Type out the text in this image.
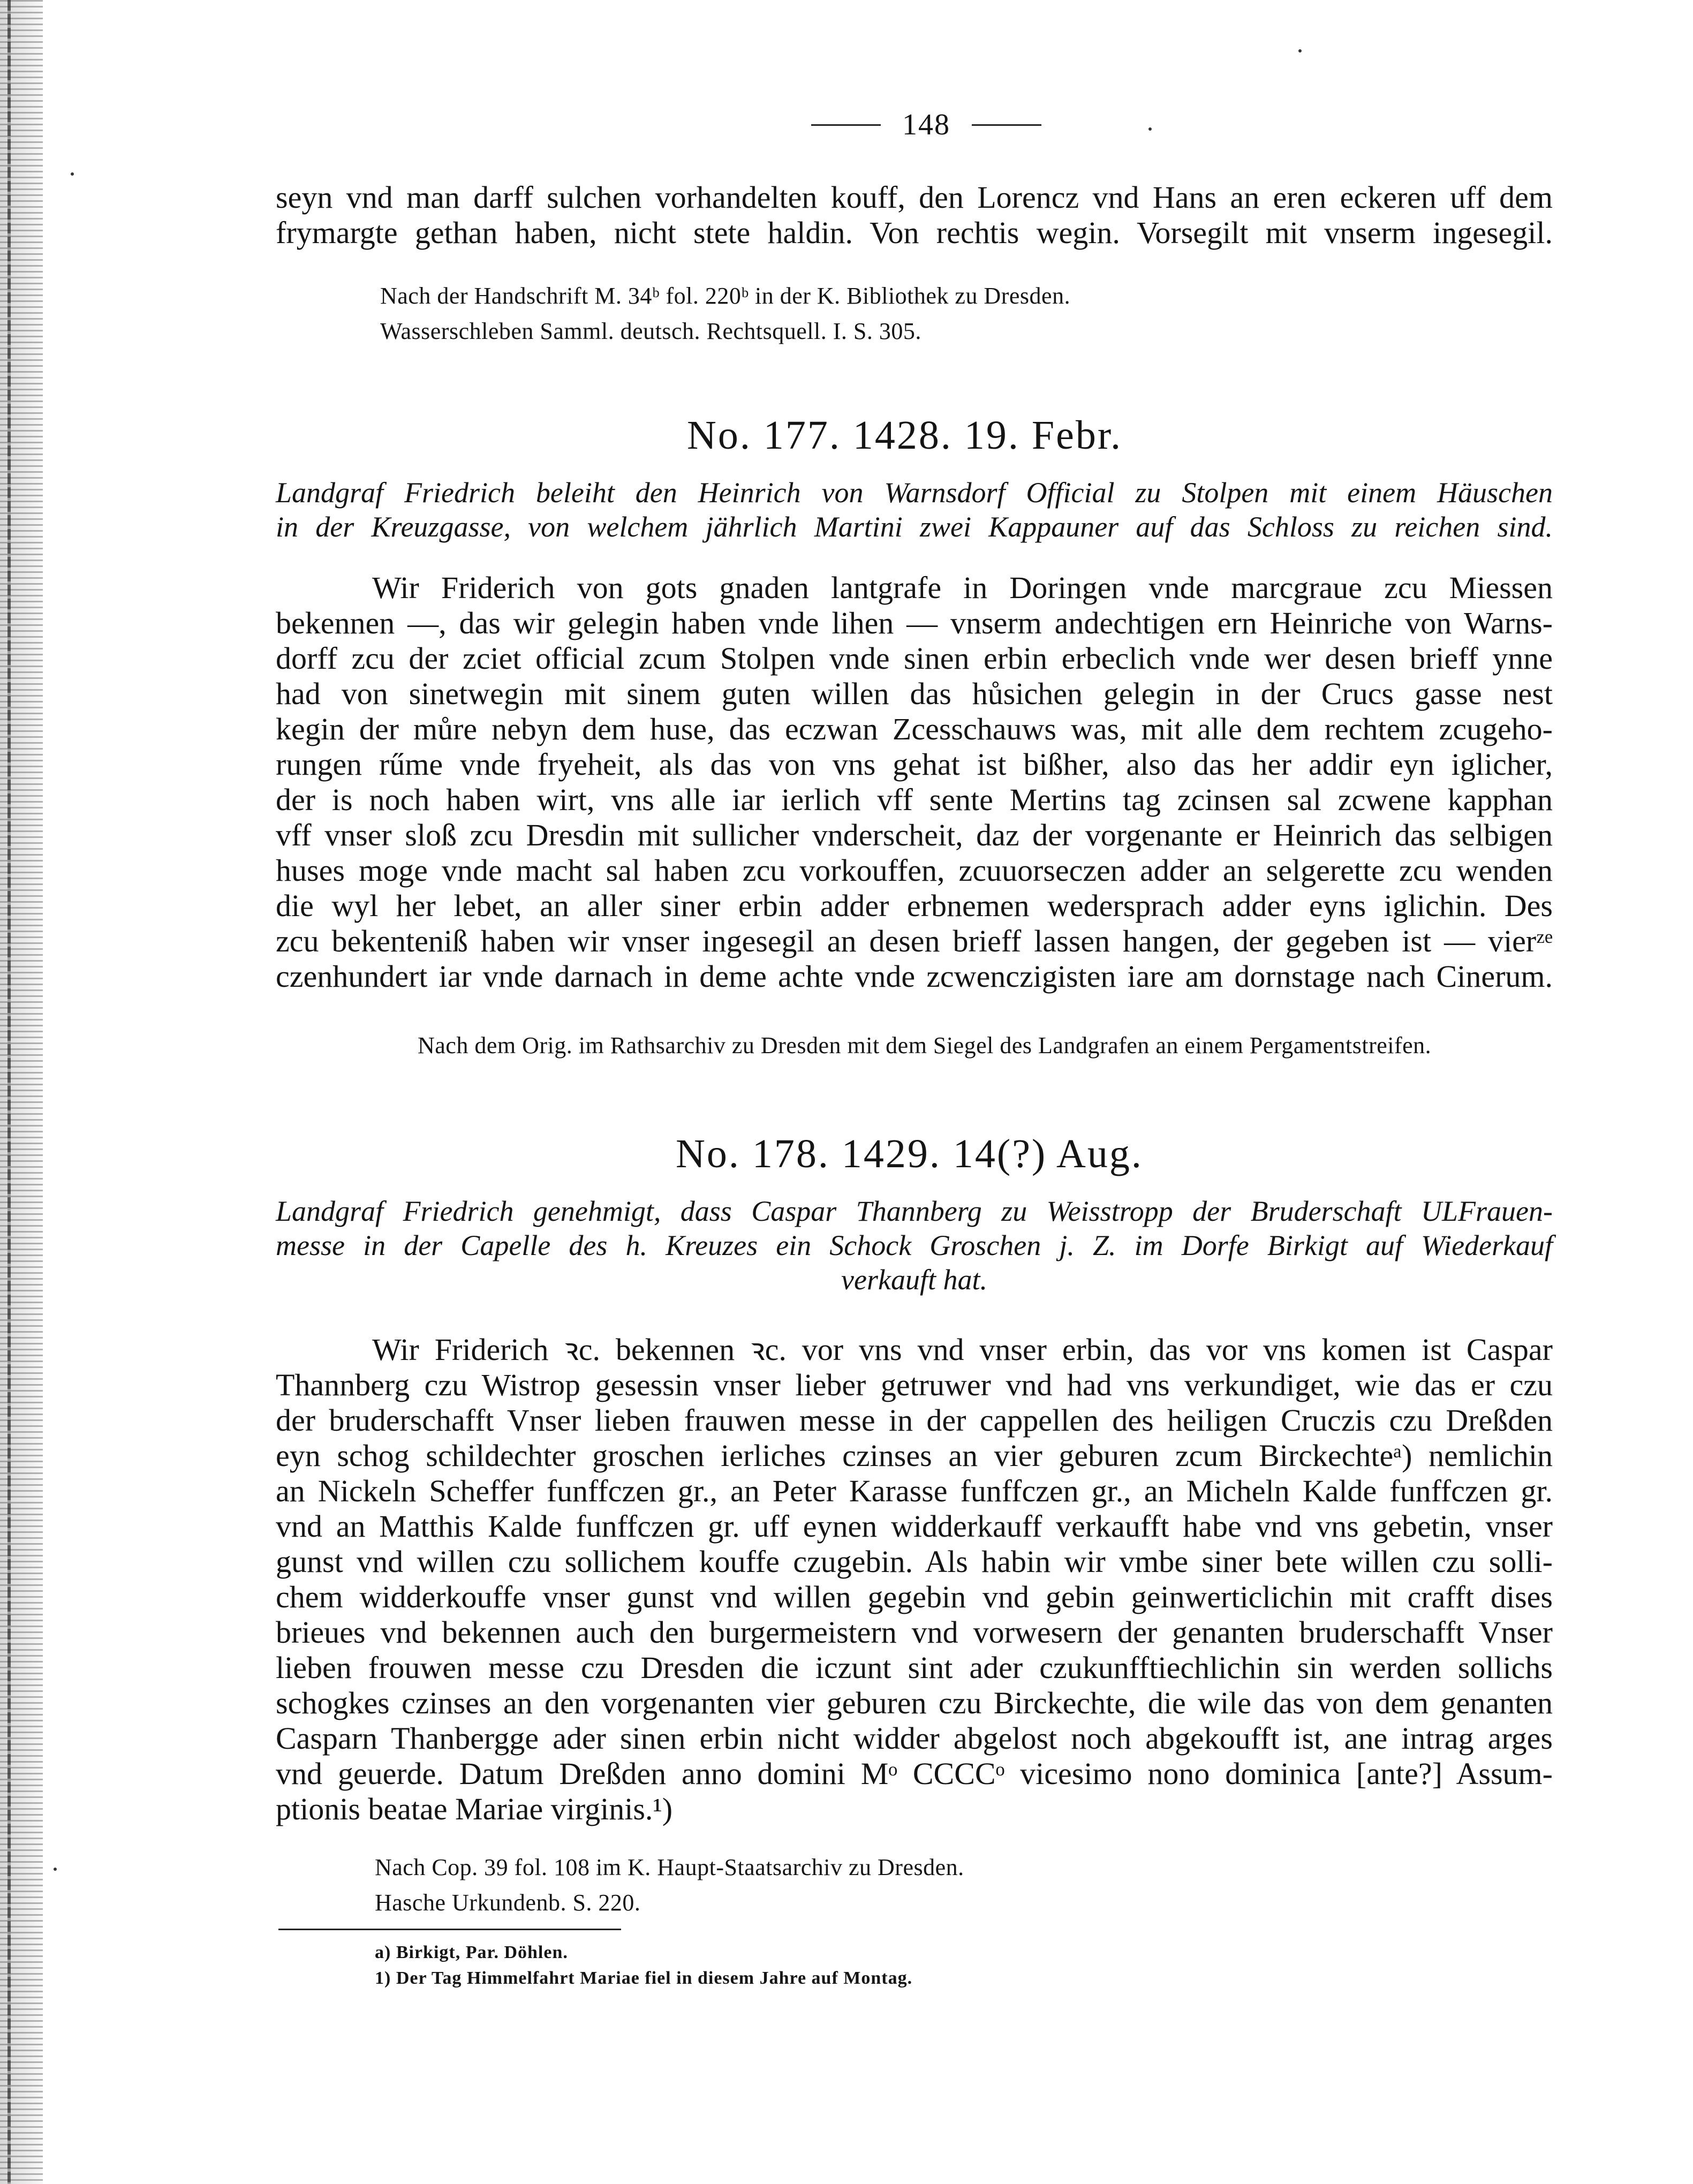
148
seyn vnd man darff sulchen vorhandelten kouff, den Lorencz vnd Hans an eren eckeren uff dem
frymargte gethan haben, nicht stete haldin. Von rechtis wegin. Vorsegilt mit vnserm ingesegil.
Nach der Handschrift M. 34ᵇ fol. 220ᵇ in der K. Bibliothek zu Dresden.
Wasserschleben Samml. deutsch. Rechtsquell. I. S. 305.
No. 177. 1428. 19. Febr.
Landgraf Friedrich beleiht den Heinrich von Warnsdorf Official zu Stolpen mit einem Häuschen
in der Kreuzgasse, von welchem jährlich Martini zwei Kappauner auf das Schloss zu reichen sind.
Wir Friderich von gots gnaden lantgrafe in Doringen vnde marcgraue zcu Miessen
bekennen —, das wir gelegin haben vnde lihen — vnserm andechtigen ern Heinriche von Warns-
dorff zcu der zciet official zcum Stolpen vnde sinen erbin erbeclich vnde wer desen brieff ynne
had von sinetwegin mit sinem guten willen das hůsichen gelegin in der Crucs gasse nest
kegin der můre nebyn dem huse, das eczwan Zcesschauws was, mit alle dem rechtem zcugeho-
rungen rűme vnde fryeheit, als das von vns gehat ist bißher, also das her addir eyn iglicher,
der is noch haben wirt, vns alle iar ierlich vff sente Mertins tag zcinsen sal zcwene kapphan
vff vnser sloß zcu Dresdin mit sullicher vnderscheit, daz der vorgenante er Heinrich das selbigen
huses moge vnde macht sal haben zcu vorkouffen, zcuuorseczen adder an selgerette zcu wenden
die wyl her lebet, an aller siner erbin adder erbnemen wedersprach adder eyns iglichin. Des
zcu bekenteniß haben wir vnser ingesegil an desen brieff lassen hangen, der gegeben ist — vierᶻᵉ
czenhundert iar vnde darnach in deme achte vnde zcwenczigisten iare am dornstage nach Cinerum.
Nach dem Orig. im Rathsarchiv zu Dresden mit dem Siegel des Landgrafen an einem Pergamentstreifen.
No. 178. 1429. 14(?) Aug.
Landgraf Friedrich genehmigt, dass Caspar Thannberg zu Weisstropp der Bruderschaft ULFrauen-
messe in der Capelle des h. Kreuzes ein Schock Groschen j. Z. im Dorfe Birkigt auf Wiederkauf
verkauft hat.
Wir Friderich ꝛc. bekennen ꝛc. vor vns vnd vnser erbin, das vor vns komen ist Caspar
Thannberg czu Wistrop gesessin vnser lieber getruwer vnd had vns verkundiget, wie das er czu
der bruderschafft Vnser lieben frauwen messe in der cappellen des heiligen Cruczis czu Dreßden
eyn schog schildechter groschen ierliches czinses an vier geburen zcum Birckechteᵃ) nemlichin
an Nickeln Scheffer funffczen gr., an Peter Karasse funffczen gr., an Micheln Kalde funffczen gr.
vnd an Matthis Kalde funffczen gr. uff eynen widderkauff verkaufft habe vnd vns gebetin, vnser
gunst vnd willen czu sollichem kouffe czugebin. Als habin wir vmbe siner bete willen czu solli-
chem widderkouffe vnser gunst vnd willen gegebin vnd gebin geinwerticlichin mit crafft dises
brieues vnd bekennen auch den burgermeistern vnd vorwesern der genanten bruderschafft Vnser
lieben frouwen messe czu Dresden die iczunt sint ader czukunfftiechlichin sin werden sollichs
schogkes czinses an den vorgenanten vier geburen czu Birckechte, die wile das von dem genanten
Casparn Thanbergge ader sinen erbin nicht widder abgelost noch abgekoufft ist, ane intrag arges
vnd geuerde. Datum Dreßden anno domini Mᵒ CCCCᵒ vicesimo nono dominica [ante?] Assum-
ptionis beatae Mariae virginis.¹)
Nach Cop. 39 fol. 108 im K. Haupt-Staatsarchiv zu Dresden.
Hasche Urkundenb. S. 220.
a) Birkigt, Par. Döhlen.
1) Der Tag Himmelfahrt Mariae fiel in diesem Jahre auf Montag.
